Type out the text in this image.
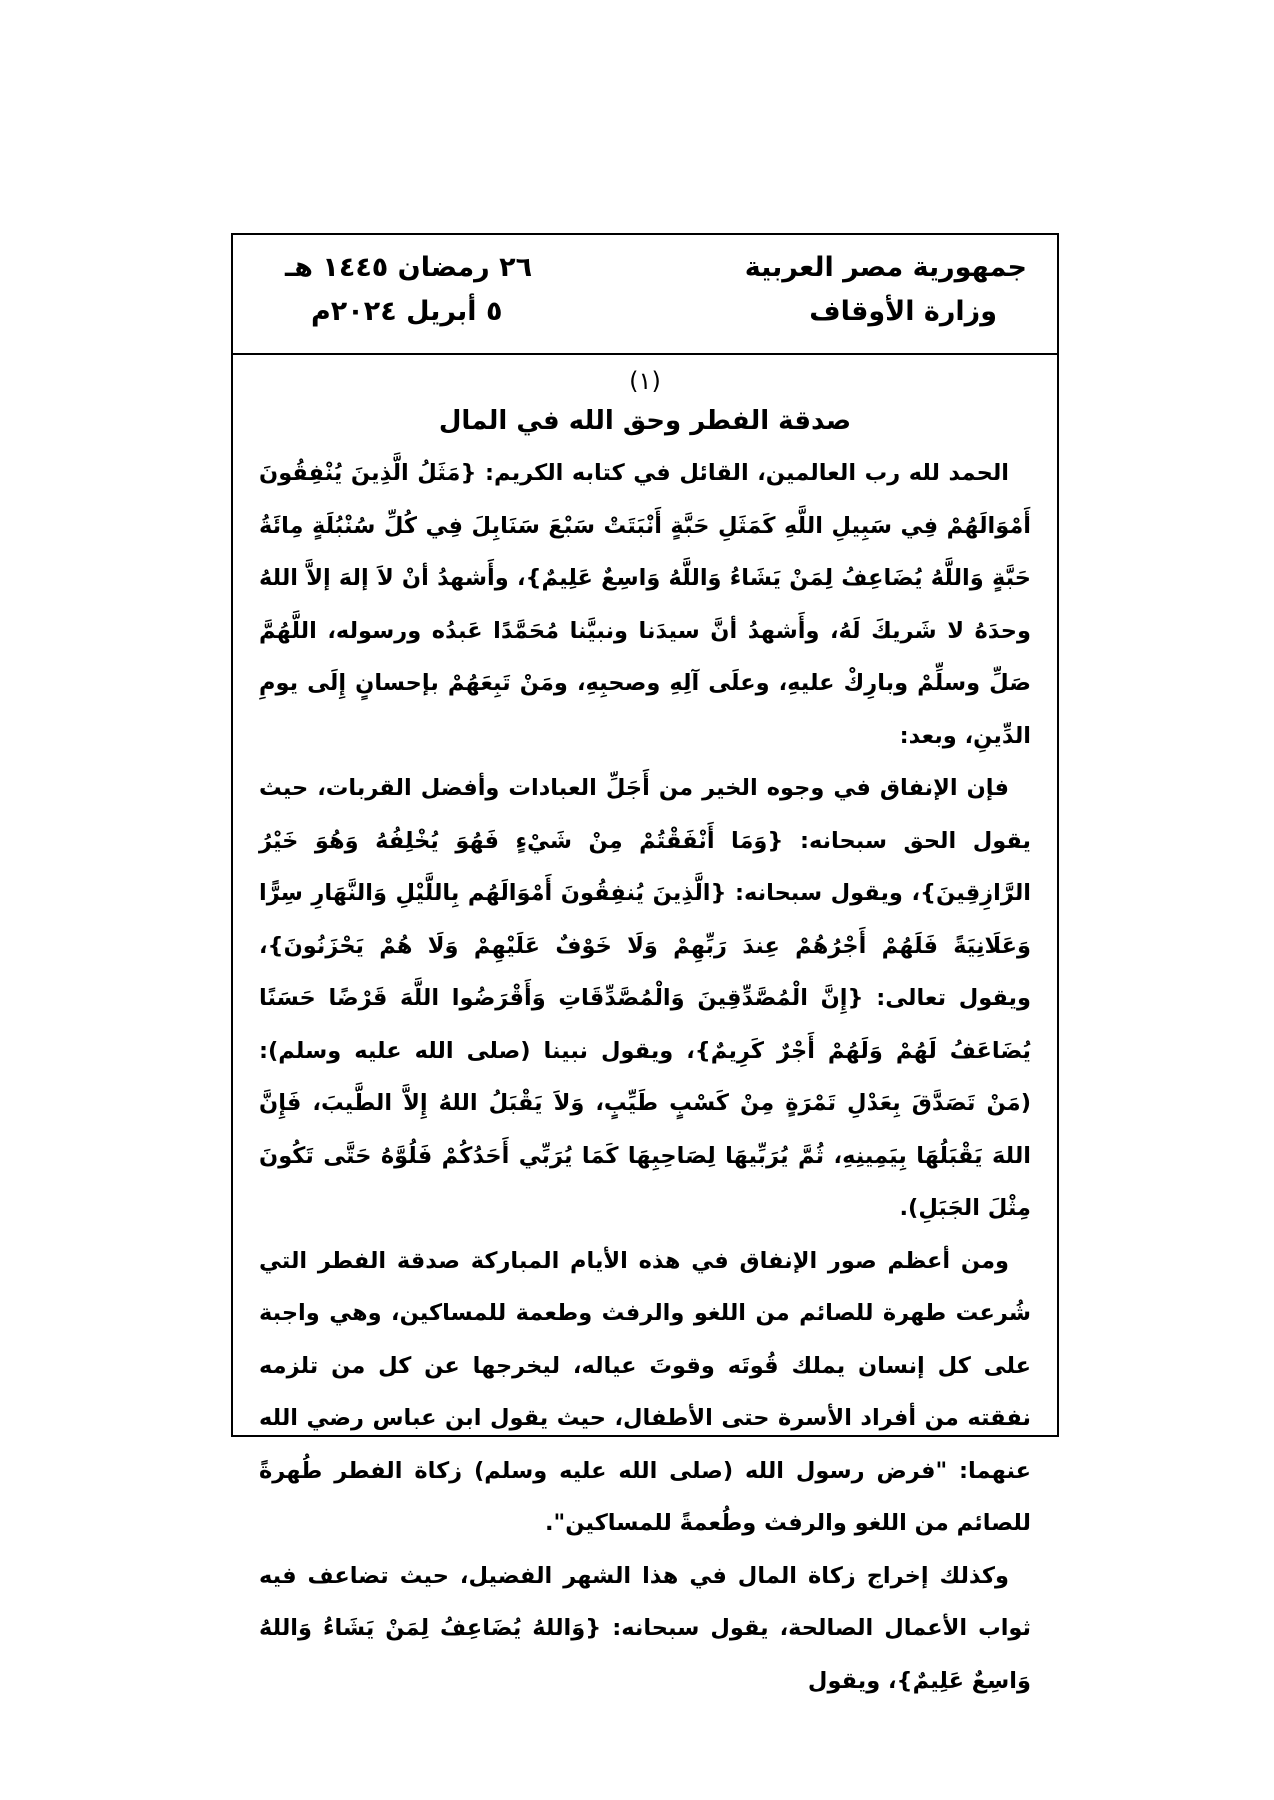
جمهورية مصر العربية
وزارة الأوقاف
٢٦ رمضان ١٤٤٥ هـ
٥ أبريل ٢٠٢٤م
(١)
صدقة الفطر وحق الله في المال

الحمد لله رب العالمين، القائل في كتابه الكريم: {مَثَلُ الَّذِينَ يُنْفِقُونَ أَمْوَالَهُمْ فِي سَبِيلِ اللَّهِ كَمَثَلِ حَبَّةٍ أَنْبَتَتْ سَبْعَ سَنَابِلَ فِي كُلِّ سُنْبُلَةٍ مِائَةُ حَبَّةٍ وَاللَّهُ يُضَاعِفُ لِمَنْ يَشَاءُ وَاللَّهُ وَاسِعٌ عَلِيمٌ}، وأَشهدُ أنْ لاَ إلهَ إلاَّ اللهُ وحدَهُ لا شَريكَ لَهُ، وأَشهدُ أنَّ سيدَنا ونبيَّنا مُحَمَّدًا عَبدُه ورسوله، اللَّهُمَّ صَلِّ وسلِّمْ وبارِكْ عليهِ، وعلَى آلِهِ وصحبِهِ، ومَنْ تَبِعَهُمْ بإحسانٍ إِلَى يومِ الدِّينِ، وبعد:

فإن الإنفاق في وجوه الخير من أَجَلِّ العبادات وأفضل القربات، حيث يقول الحق سبحانه: {وَمَا أَنْفَقْتُمْ مِنْ شَيْءٍ فَهُوَ يُخْلِفُهُ وَهُوَ خَيْرُ الرَّازِقِينَ}، ويقول سبحانه: {الَّذِينَ يُنفِقُونَ أَمْوَالَهُم بِاللَّيْلِ وَالنَّهَارِ سِرًّا وَعَلَانِيَةً فَلَهُمْ أَجْرُهُمْ عِندَ رَبِّهِمْ وَلَا خَوْفٌ عَلَيْهِمْ وَلَا هُمْ يَحْزَنُونَ}، ويقول تعالى: {إِنَّ الْمُصَّدِّقِينَ وَالْمُصَّدِّقَاتِ وَأَقْرَضُوا اللَّهَ قَرْضًا حَسَنًا يُضَاعَفُ لَهُمْ وَلَهُمْ أَجْرٌ كَرِيمٌ}، ويقول نبينا (صلى الله عليه وسلم): (مَنْ تَصَدَّقَ بِعَدْلِ تَمْرَةٍ مِنْ كَسْبٍ طَيِّبٍ، وَلاَ يَقْبَلُ اللهُ إِلاَّ الطَّيبَ، فَإِنَّ اللهَ يَقْبَلُهَا بِيَمِينِهِ، ثُمَّ يُرَبِّيهَا لِصَاحِبِهَا كَمَا يُرَبِّي أَحَدُكُمْ فَلُوَّهُ حَتَّى تَكُونَ مِثْلَ الجَبَلِ).

ومن أعظم صور الإنفاق في هذه الأيام المباركة صدقة الفطر التي شُرعت طهرة للصائم من اللغو والرفث وطعمة للمساكين، وهي واجبة على كل إنسان يملك قُوتَه وقوتَ عياله، ليخرجها عن كل من تلزمه نفقته من أفراد الأسرة حتى الأطفال، حيث يقول ابن عباس رضي الله عنهما: "فرض رسول الله (صلى الله عليه وسلم) زكاة الفطر طُهرةً للصائم من اللغو والرفث وطُعمةً للمساكين".

وكذلك إخراج زكاة المال في هذا الشهر الفضيل، حيث تضاعف فيه ثواب الأعمال الصالحة، يقول سبحانه: {وَاللهُ يُضَاعِفُ لِمَنْ يَشَاءُ وَاللهُ وَاسِعٌ عَلِيمٌ}، ويقول
